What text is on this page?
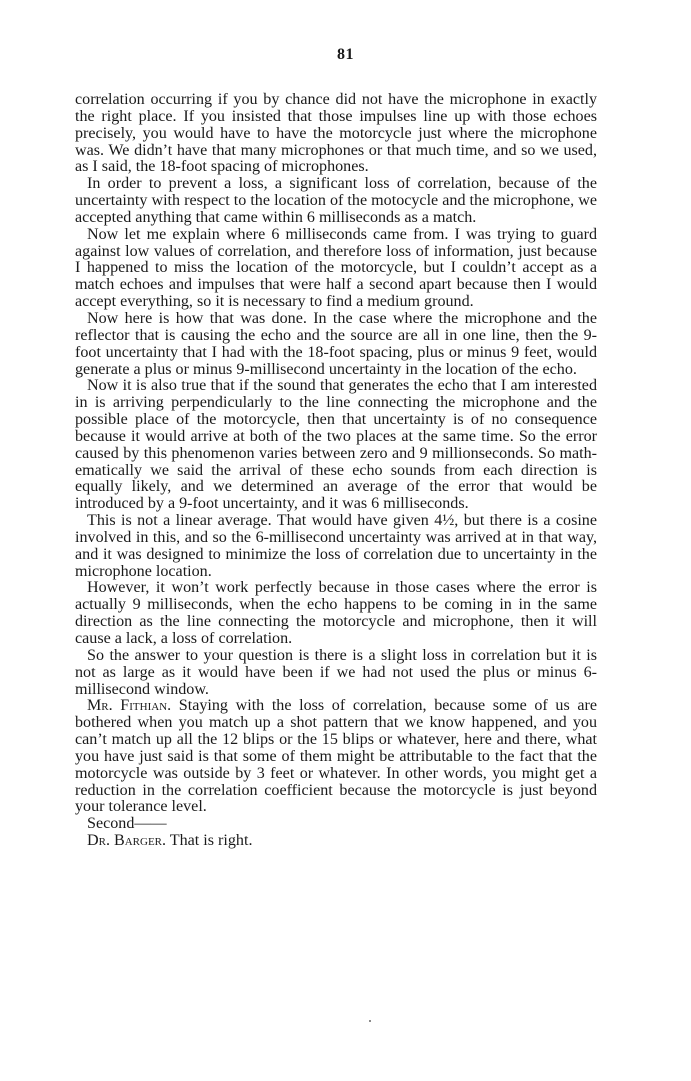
81

correlation occurring if you by chance did not have the microphone in exactly the right place. If you insisted that those impulses line up with those echoes precisely, you would have to have the motorcycle just where the microphone was. We didn’t have that many microphones or that much time, and so we used, as I said, the 18-foot spacing of microphones.

In order to prevent a loss, a significant loss of correlation, because of the uncertainty with respect to the location of the motocycle and the microphone, we accepted anything that came within 6 milliseconds as a match.

Now let me explain where 6 milliseconds came from. I was trying to guard against low values of correlation, and therefore loss of information, just because I happened to miss the location of the motorcycle, but I couldn’t accept as a match echoes and impulses that were half a second apart because then I would accept everything, so it is necessary to find a medium ground.

Now here is how that was done. In the case where the microphone and the reflector that is causing the echo and the source are all in one line, then the 9-foot uncertainty that I had with the 18-foot spacing, plus or minus 9 feet, would generate a plus or minus 9-millisecond uncertainty in the location of the echo.

Now it is also true that if the sound that generates the echo that I am interested in is arriving perpendicularly to the line connecting the microphone and the possible place of the motorcycle, then that uncertainty is of no consequence because it would arrive at both of the two places at the same time. So the error caused by this phenomenon varies between zero and 9 millionseconds. So mathematically we said the arrival of these echo sounds from each direction is equally likely, and we determined an average of the error that would be introduced by a 9-foot uncertainty, and it was 6 milliseconds.

This is not a linear average. That would have given 4½, but there is a cosine involved in this, and so the 6-millisecond uncertainty was arrived at in that way, and it was designed to minimize the loss of correlation due to uncertainty in the microphone location.

However, it won’t work perfectly because in those cases where the error is actually 9 milliseconds, when the echo happens to be coming in in the same direction as the line connecting the motorcycle and microphone, then it will cause a lack, a loss of correlation.

So the answer to your question is there is a slight loss in correlation but it is not as large as it would have been if we had not used the plus or minus 6-millisecond window.

Mr. Fithian. Staying with the loss of correlation, because some of us are bothered when you match up a shot pattern that we know happened, and you can’t match up all the 12 blips or the 15 blips or whatever, here and there, what you have just said is that some of them might be attributable to the fact that the motorcycle was outside by 3 feet or whatever. In other words, you might get a reduction in the correlation coefficient because the motorcycle is just beyond your tolerance level.

Second——

Dr. Barger. That is right.
